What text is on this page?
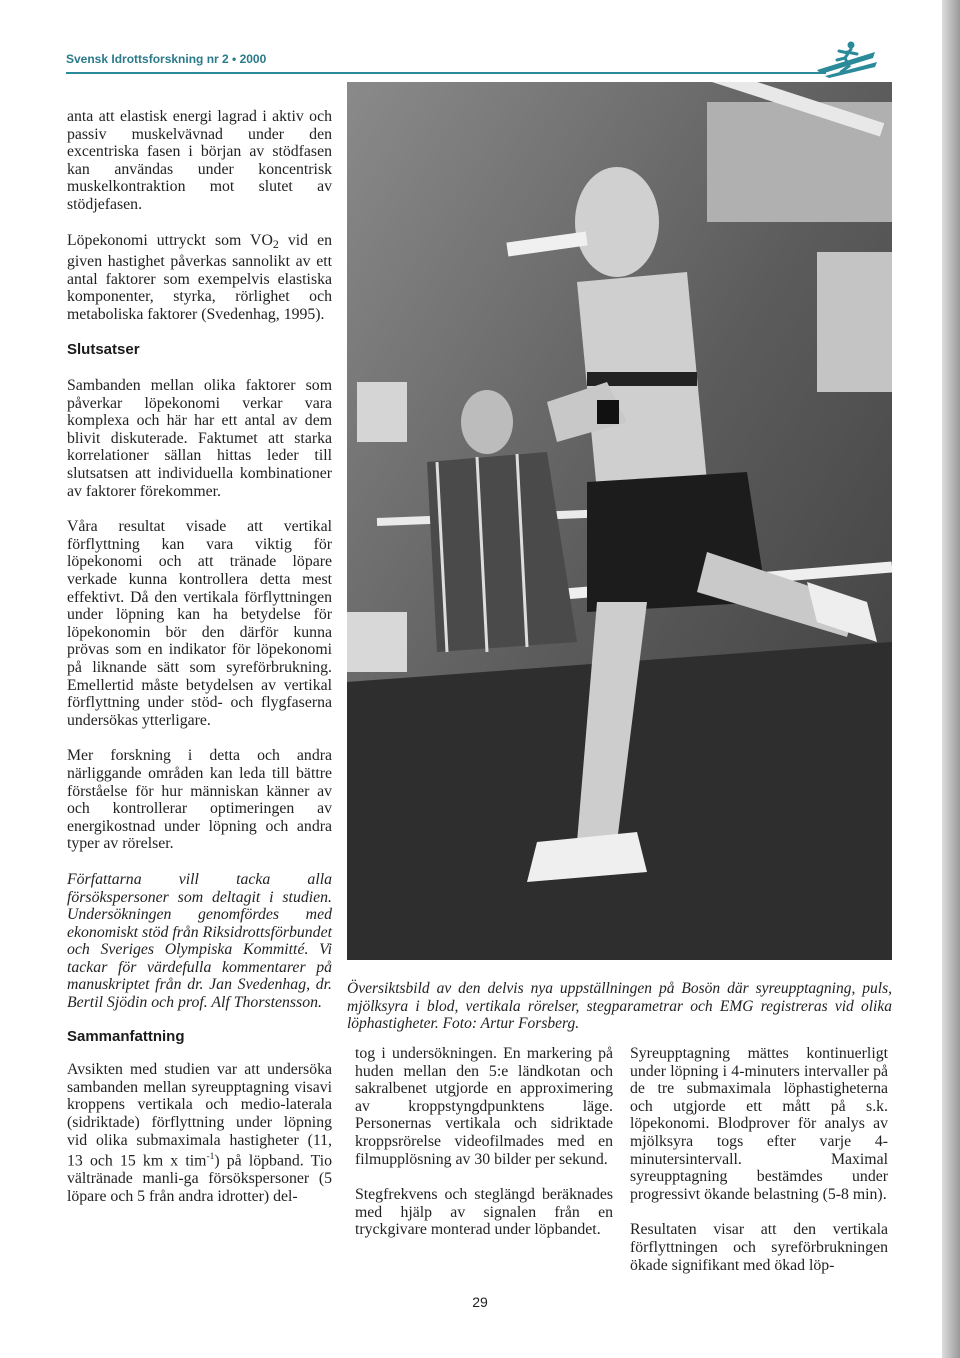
Svensk Idrottsforskning nr 2 • 2000

anta att elastisk energi lagrad i aktiv och passiv muskelvävnad under den excentriska fasen i början av stödfasen kan användas under koncentrisk muskelkontraktion mot slutet av stödjefasen.

Löpekonomi uttryckt som $VO_2$ vid en given hastighet påverkas sannolikt av ett antal faktorer som exempelvis elastiska komponenter, styrka, rörlighet och metaboliska faktorer (Svedenhag, 1995).

Slutsatser

Sambanden mellan olika faktorer som påverkar löpekonomi verkar vara komplexa och här har ett antal av dem blivit diskuterade. Faktumet att starka korrelationer sällan hittas leder till slutsatsen att individuella kombinationer av faktorer förekommer.

Våra resultat visade att vertikal förflyttning kan vara viktig för löpekonomi och att tränade löpare verkade kunna kontrollera detta mest effektivt. Då den vertikala förflyttningen under löpning kan ha betydelse för löpekonomin bör den därför kunna prövas som en indikator för löpekonomi på liknande sätt som syreförbrukning. Emellertid måste betydelsen av vertikal förflyttning under stöd- och flygfaserna undersökas ytterligare.

Mer forskning i detta och andra närliggande områden kan leda till bättre förståelse för hur människan känner av och kontrollerar optimeringen av energikostnad under löpning och andra typer av rörelser.

Författarna vill tacka alla försökspersoner som deltagit i studien. Undersökningen genomfördes med ekonomiskt stöd från Riksidrottsförbundet och Sveriges Olympiska Kommitté. Vi tackar för värdefulla kommentarer på manuskriptet från dr. Jan Svedenhag, dr. Bertil Sjödin och prof. Alf Thorstensson.

Sammanfattning

Avsikten med studien var att undersöka sambanden mellan syreupptagning visavi kroppens vertikala och medio-laterala (sidriktade) förflyttning under löpning vid olika submaximala hastigheter (11, 13 och 15 km x tim$^{-1}$) på löpband. Tio vältränade manli-ga försökspersoner (5 löpare och 5 från andra idrotter) del-

Översiktsbild av den delvis nya uppställningen på Bosön där syreupptagning, puls, mjölksyra i blod, vertikala rörelser, stegparametrar och EMG registreras vid olika löphastigheter. Foto: Artur Forsberg.

tog i undersökningen. En markering på huden mellan den 5:e ländkotan och sakralbenet utgjorde en approximering av kroppstyngdpunktens läge. Personernas vertikala och sidriktade kroppsrörelse videofilmades med en filmupplösning av 30 bilder per sekund.

Stegfrekvens och steglängd beräknades med hjälp av signalen från en tryckgivare monterad under löpbandet.

Syreupptagning mättes kontinuerligt under löpning i 4-minuters intervaller på de tre submaximala löphastigheterna och utgjorde ett mått på s.k. löpekonomi. Blodprover för analys av mjölksyra togs efter varje 4-minutersintervall. Maximal syreupptagning bestämdes under progressivt ökande belastning (5-8 min).

Resultaten visar att den vertikala förflyttningen och syreförbrukningen ökade signifikant med ökad löp-

29
